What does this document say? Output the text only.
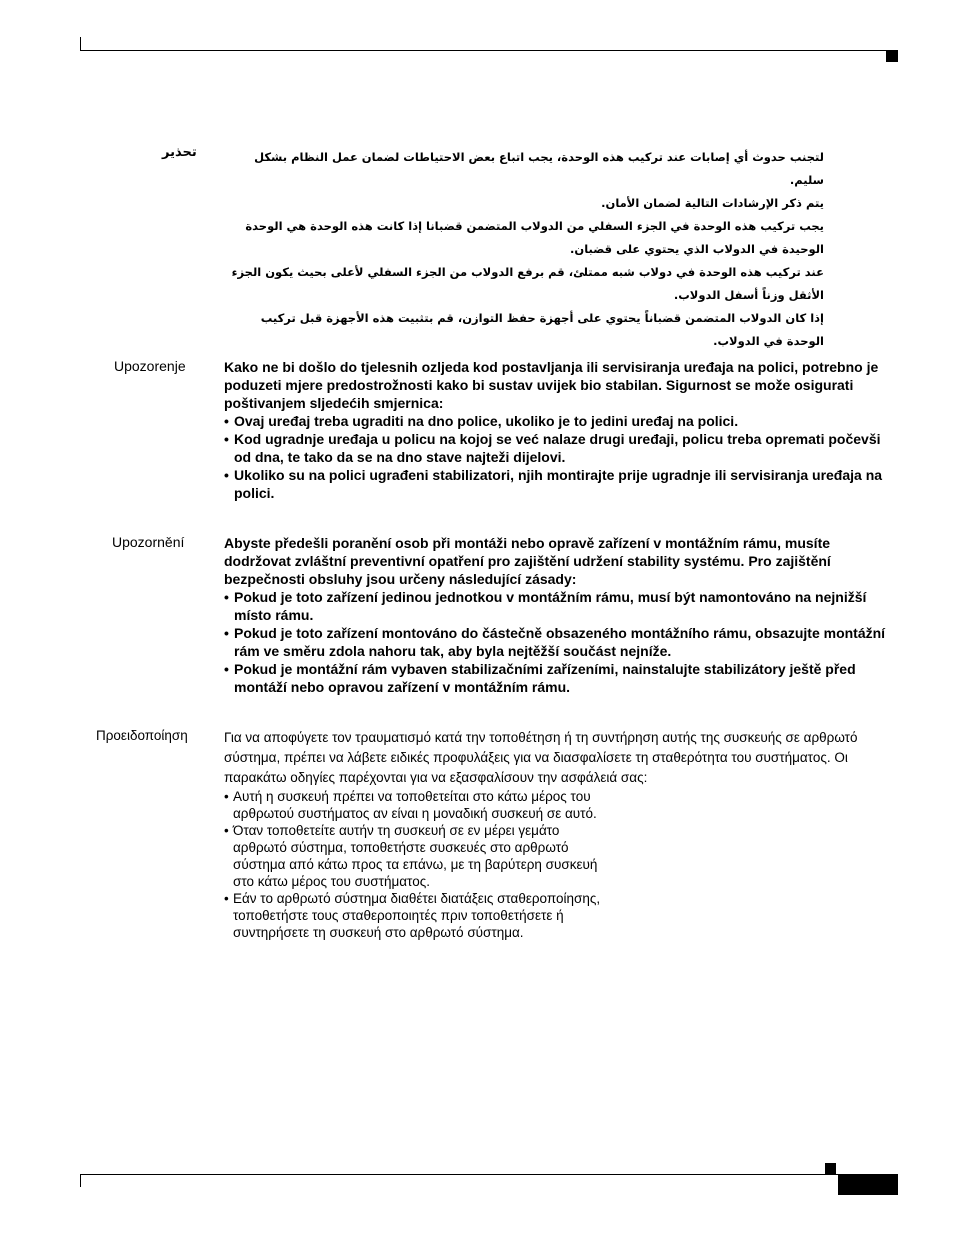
تحذير	لتجنب حدوث أي إصابات عند تركيب هذه الوحدة، يجب اتباع بعض الاحتياطات لضمان عمل النظام بشكل سليم.

يتم ذكر الإرشادات التالية لضمان الأمان.

يجب تركيب هذه الوحدة في الجزء السفلي من الدولاب المتضمن قضبانا إذا كانت هذه الوحدة هي الوحدة الوحيدة في الدولاب الذي يحتوي على قضبان.

عند تركيب هذه الوحدة في دولاب شبه ممتلئ، قم برفع الدولاب من الجزء السفلي لأعلى بحيث يكون الجزء الأثقل وزناً أسفل الدولاب.

إذا كان الدولاب المتضمن قضباناً يحتوي على أجهزة حفظ التوازن، قم بتثبيت هذه الأجهزة قبل تركيب الوحدة في الدولاب.

Upozorenje	Kako ne bi došlo do tjelesnih ozljeda kod postavljanja ili servisiranja uređaja na polici, potrebno je poduzeti mjere predostrožnosti kako bi sustav uvijek bio stabilan. Sigurnost se može osigurati poštivanjem sljedećih smjernica:

• Ovaj uređaj treba ugraditi na dno police, ukoliko je to jedini uređaj na polici.
• Kod ugradnje uređaja u policu na kojoj se već nalaze drugi uređaji, policu treba opremati počevši od dna, te tako da se na dno stave najteži dijelovi.
• Ukoliko su na polici ugrađeni stabilizatori, njih montirajte prije ugradnje ili servisiranja uređaja na polici.
Upozornění	Abyste předešli poranění osob při montáži nebo opravě zařízení v montážním rámu, musíte dodržovat zvláštní preventivní opatření pro zajištění udržení stability systému. Pro zajištění bezpečnosti obsluhy jsou určeny následující zásady:

• Pokud je toto zařízení jedinou jednotkou v montážním rámu, musí být namontováno na nejnižší místo rámu.
• Pokud je toto zařízení montováno do částečně obsazeného montážního rámu, obsazujte montážní rám ve směru zdola nahoru tak, aby byla nejtěžší součást nejníže.
• Pokud je montážní rám vybaven stabilizačními zařízeními, nainstalujte stabilizátory ještě před montáží nebo opravou zařízení v montážním rámu.
Προειδοποίηση	Για να αποφύγετε τον τραυματισμό κατά την τοποθέτηση ή τη συντήρηση αυτής της συσκευής σε αρθρωτό σύστημα, πρέπει να λάβετε ειδικές προφυλάξεις για να διασφαλίσετε τη σταθερότητα του συστήματος. Οι παρακάτω οδηγίες παρέχονται για να εξασφαλίσουν την ασφάλειά σας:

• Αυτή η συσκευή πρέπει να τοποθετείται στο κάτω μέρος του αρθρωτού συστήματος αν είναι η μοναδική συσκευή σε αυτό.
• Όταν τοποθετείτε αυτήν τη συσκευή σε εν μέρει γεμάτο αρθρωτό σύστημα, τοποθετήστε συσκευές στο αρθρωτό σύστημα από κάτω προς τα επάνω, με τη βαρύτερη συσκευή στο κάτω μέρος του συστήματος.
• Εάν το αρθρωτό σύστημα διαθέτει διατάξεις σταθεροποίησης, τοποθετήστε τους σταθεροποιητές πριν τοποθετήσετε ή συντηρήσετε τη συσκευή στο αρθρωτό σύστημα.
